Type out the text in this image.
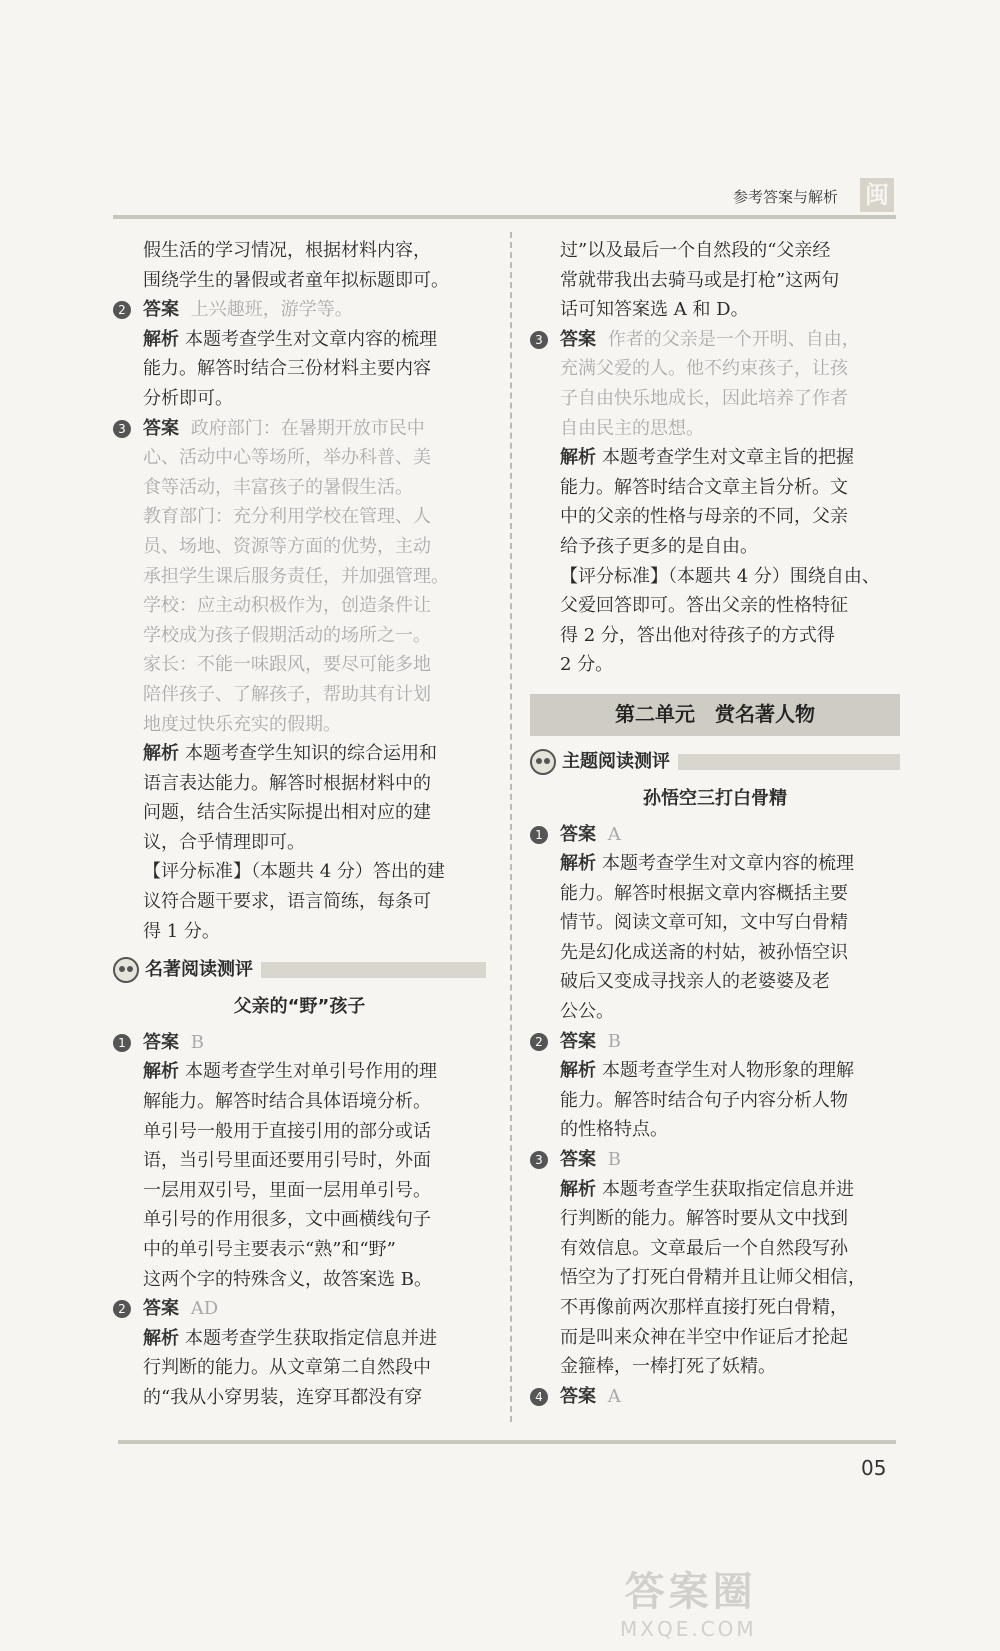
参考答案与解析 闽

假生活的学习情况，根据材料内容，

围绕学生的暑假或者童年拟标题即可。

2 答案 上兴趣班，游学等。

解析 本题考查学生对文章内容的梳理

能力。解答时结合三份材料主要内容

分析即可。

3 答案 政府部门：在暑期开放市民中

心、活动中心等场所，举办科普、美

食等活动，丰富孩子的暑假生活。

教育部门：充分利用学校在管理、人

员、场地、资源等方面的优势，主动

承担学生课后服务责任，并加强管理。

学校：应主动积极作为，创造条件让

学校成为孩子假期活动的场所之一。

家长：不能一味跟风，要尽可能多地

陪伴孩子、了解孩子，帮助其有计划

地度过快乐充实的假期。

解析 本题考查学生知识的综合运用和

语言表达能力。解答时根据材料中的

问题，结合生活实际提出相对应的建

议，合乎情理即可。

【评分标准】（本题共 4 分）答出的建

议符合题干要求，语言简练，每条可

得 1 分。

名著阅读测评

父亲的“野”孩子

1 答案 B

解析 本题考查学生对单引号作用的理

解能力。解答时结合具体语境分析。

单引号一般用于直接引用的部分或话

语，当引号里面还要用引号时，外面

一层用双引号，里面一层用单引号。

单引号的作用很多，文中画横线句子

中的单引号主要表示“熟”和“野”

这两个字的特殊含义，故答案选 B。

2 答案 AD

解析 本题考查学生获取指定信息并进

行判断的能力。从文章第二自然段中

的“我从小穿男装，连穿耳都没有穿

过”以及最后一个自然段的“父亲经

常就带我出去骑马或是打枪”这两句

话可知答案选 A 和 D。

3 答案 作者的父亲是一个开明、自由，

充满父爱的人。他不约束孩子，让孩

子自由快乐地成长，因此培养了作者

自由民主的思想。

解析 本题考查学生对文章主旨的把握

能力。解答时结合文章主旨分析。文

中的父亲的性格与母亲的不同，父亲

给予孩子更多的是自由。

【评分标准】（本题共 4 分）围绕自由、

父爱回答即可。答出父亲的性格特征

得 2 分，答出他对待孩子的方式得

2 分。

第二单元　赏名著人物
主题阅读测评

孙悟空三打白骨精

1 答案 A

解析 本题考查学生对文章内容的梳理

能力。解答时根据文章内容概括主要

情节。阅读文章可知，文中写白骨精

先是幻化成送斋的村姑，被孙悟空识

破后又变成寻找亲人的老婆婆及老

公公。

2 答案 B

解析 本题考查学生对人物形象的理解

能力。解答时结合句子内容分析人物

的性格特点。

3 答案 B

解析 本题考查学生获取指定信息并进

行判断的能力。解答时要从文中找到

有效信息。文章最后一个自然段写孙

悟空为了打死白骨精并且让师父相信，

不再像前两次那样直接打死白骨精，

而是叫来众神在半空中作证后才抡起

金箍棒，一棒打死了妖精。

4 答案 A

05
答案圈
MXQE.COM
